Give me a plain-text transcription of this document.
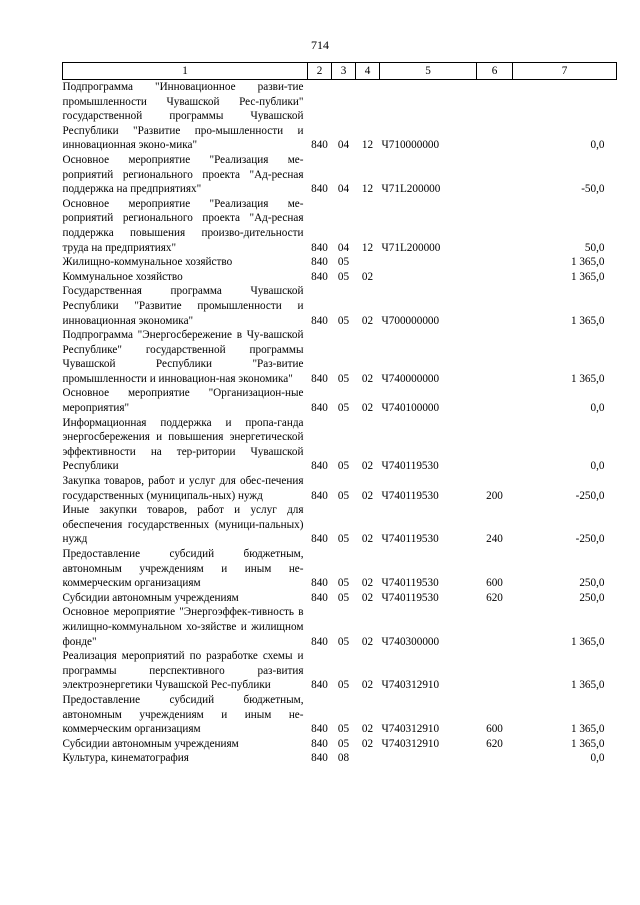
714
1	2	3	4	5	6	7
Подпрограмма "Инновационное разви-тие промышленности Чувашской Рес-публики" государственной программы Чувашской Республики "Развитие про-мышленности и инновационная эконо-мика"	840	04	12	Ч710000000		0,0
Основное мероприятие "Реализация ме-роприятий регионального проекта "Ад-ресная поддержка на предприятиях"	840	04	12	Ч71L200000		-50,0
Основное мероприятие "Реализация ме-роприятий регионального проекта "Ад-ресная поддержка повышения произво-дительности труда на предприятиях"	840	04	12	Ч71L200000		50,0
Жилищно-коммунальное хозяйство	840	05				1 365,0
Коммунальное хозяйство	840	05	02			1 365,0
Государственная программа Чувашской Республики "Развитие промышленности и инновационная экономика"	840	05	02	Ч700000000		1 365,0
Подпрограмма "Энергосбережение в Чу-вашской Республике" государственной программы Чувашской Республики "Раз-витие промышленности и инновацион-ная экономика"	840	05	02	Ч740000000		1 365,0
Основное мероприятие "Организацион-ные мероприятия"	840	05	02	Ч740100000		0,0
Информационная поддержка и пропа-ганда энергосбережения и повышения энергетической эффективности на тер-ритории Чувашской Республики	840	05	02	Ч740119530		0,0
Закупка товаров, работ и услуг для обес-печения государственных (муниципаль-ных) нужд	840	05	02	Ч740119530	200	-250,0
Иные закупки товаров, работ и услуг для обеспечения государственных (муници-пальных) нужд	840	05	02	Ч740119530	240	-250,0
Предоставление субсидий бюджетным, автономным учреждениям и иным не-коммерческим организациям	840	05	02	Ч740119530	600	250,0
Субсидии автономным учреждениям	840	05	02	Ч740119530	620	250,0
Основное мероприятие "Энергоэффек-тивность в жилищно-коммунальном хо-зяйстве и жилищном фонде"	840	05	02	Ч740300000		1 365,0
Реализация мероприятий по разработке схемы и программы перспективного раз-вития электроэнергетики Чувашской Рес-публики	840	05	02	Ч740312910		1 365,0
Предоставление субсидий бюджетным, автономным учреждениям и иным не-коммерческим организациям	840	05	02	Ч740312910	600	1 365,0
Субсидии автономным учреждениям	840	05	02	Ч740312910	620	1 365,0
Культура, кинематография	840	08				0,0
